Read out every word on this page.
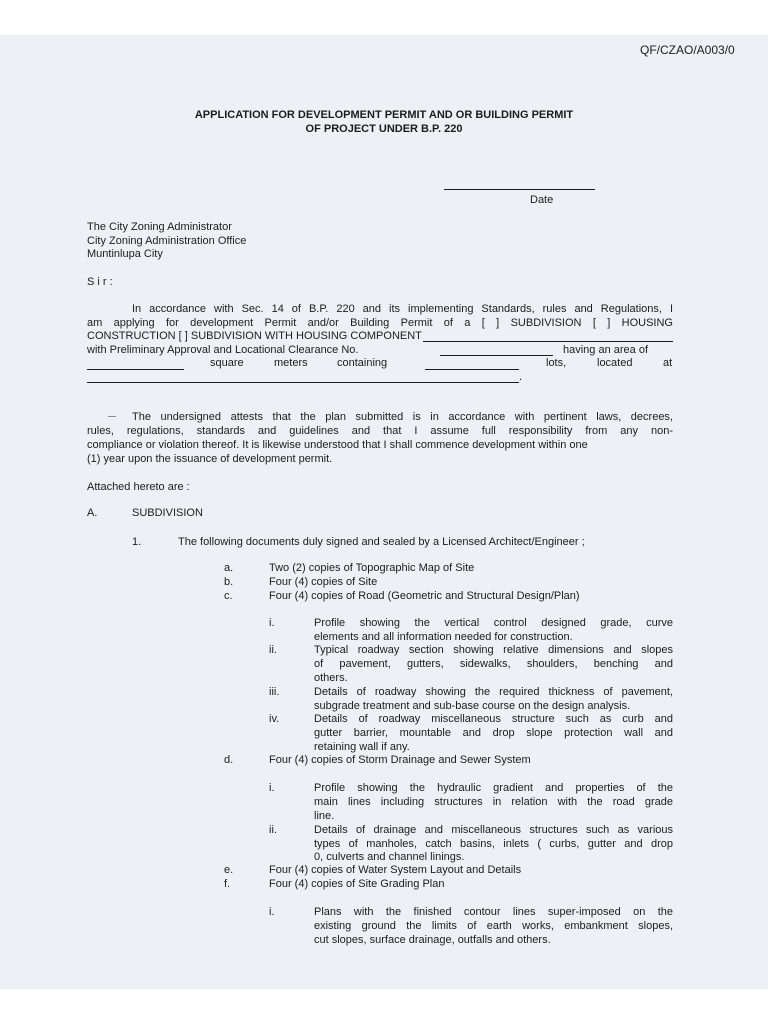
QF/CZAO/A003/0
APPLICATION FOR DEVELOPMENT PERMIT AND OR BUILDING PERMIT
OF PROJECT UNDER B.P. 220
Date
The City Zoning Administrator
City Zoning Administration Office
Muntinlupa City
S i r :
In accordance with Sec. 14 of B.P. 220 and its implementing Standards, rules and Regulations, I
am applying for development Permit and/or Building Permit of a [ ] SUBDIVISION [ ] HOUSING
CONSTRUCTION [ ] SUBDIVISION WITH HOUSING COMPONENT
with Preliminary Approval and Locational Clearance No.	having an area of
square	meters	containing	lots,	located	at
.
The undersigned attests that the plan submitted is in accordance with pertinent laws, decrees,
rules, regulations, standards and guidelines and that I assume full responsibility from any non-
compliance or violation thereof. It is likewise understood that I shall commence development within one
(1) year upon the issuance of development permit.
Attached hereto are :
A.	SUBDIVISION
1.	The following documents duly signed and sealed by a Licensed Architect/Engineer ;
a.	Two (2) copies of Topographic Map of Site
b.	Four (4) copies of Site
c.	Four (4) copies of Road (Geometric and Structural Design/Plan)
i.	Profile showing the vertical control designed grade, curve
elements and all information needed for construction.
ii.	Typical roadway section showing relative dimensions and slopes
of pavement, gutters, sidewalks, shoulders, benching and
others.
iii.	Details of roadway showing the required thickness of pavement,
subgrade treatment and sub-base course on the design analysis.
iv.	Details of roadway miscellaneous structure such as curb and
gutter barrier, mountable and drop slope protection wall and
retaining wall if any.
d.	Four (4) copies of Storm Drainage and Sewer System
i.	Profile showing the hydraulic gradient and properties of the
main lines including structures in relation with the road grade
line.
ii.	Details of drainage and miscellaneous structures such as various
types of manholes, catch basins, inlets ( curbs, gutter and drop
0, culverts and channel linings.
e.	Four (4) copies of Water System Layout and Details
f.	Four (4) copies of Site Grading Plan
i.	Plans with the finished contour lines super-imposed on the
existing ground the limits of earth works, embankment slopes,
cut slopes, surface drainage, outfalls and others.
